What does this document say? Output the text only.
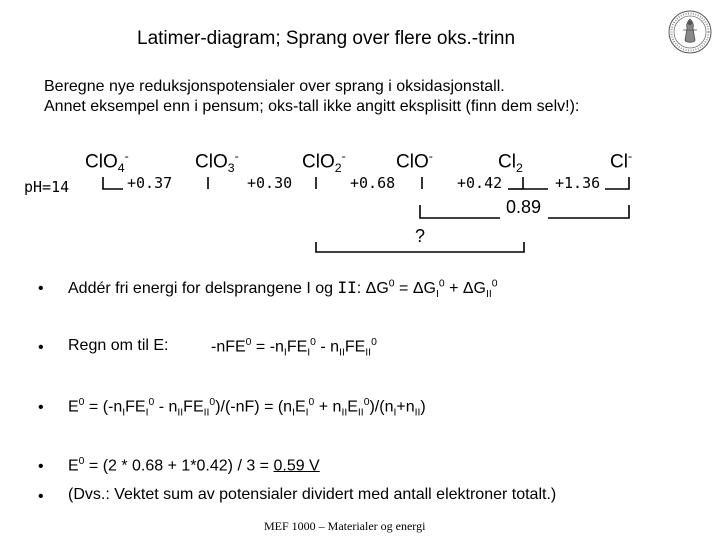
Latimer-diagram; Sprang over flere oks.-trinn
Beregne nye reduksjonspotensialer over sprang i oksidasjonstall.
Annet eksempel enn i pensum; oks-tall ikke angitt eksplisitt (finn dem selv!):
ClO$_4$-	ClO$_3$-	ClO$_2$-	ClO-	$Cl_2$	Cl-
pH=14	+0.37	+0.30	+0.68	+0.42	+1.36
0.89
?
• Addér fri energi for delsprangene I og II: $\Delta G^0 = \Delta G_I^0 + \Delta G_{II}^0$
• Regn om til E:	$-nFE^0 = -n_IFE_I^0 - n_{II}FE_{II}^0$
• $E^0 = (-n_IFE_I^0 - n_{II}FE_{II}^0)/(-nF) = (n_IE_I^0 + n_{II}E_{II}^0)/(n_I+n_{II})$
• $E^0 = (2 * 0.68 + 1*0.42) / 3 = 0.59$ V
• (Dvs.: Vektet sum av potensialer dividert med antall elektroner totalt.)
MEF 1000 – Materialer og energi
